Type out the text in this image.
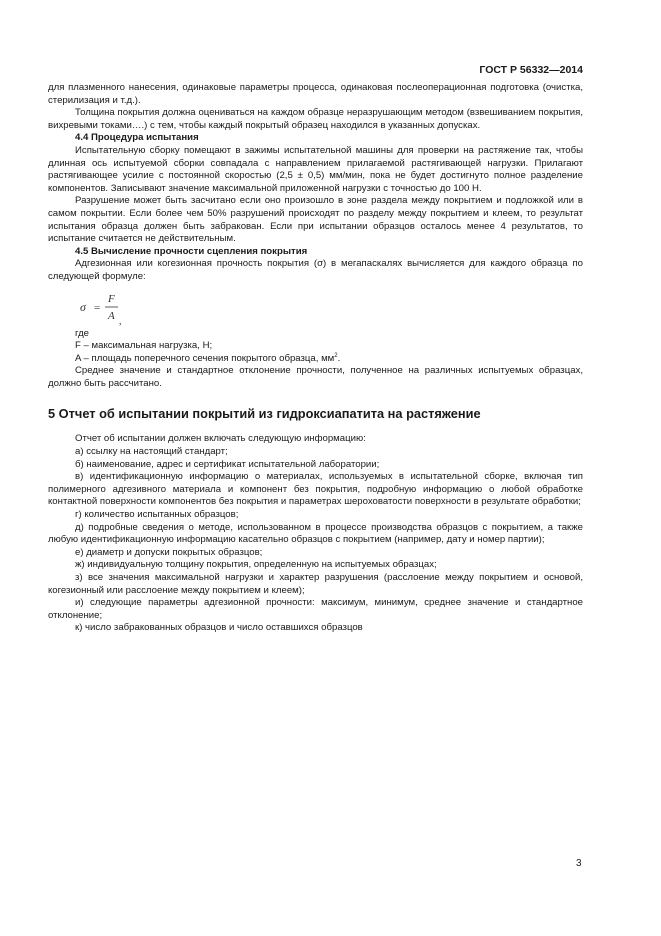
ГОСТ Р 56332—2014

для плазменного нанесения, одинаковые параметры процесса, одинаковая послеоперационная подготовка (очистка, стерилизация и т.д.).

Толщина покрытия должна оцениваться на каждом образце неразрушающим методом (взвешиванием покрытия, вихревыми токами….) с тем, чтобы каждый покрытый образец находился в указанных допусках.

4.4 Процедура испытания

Испытательную сборку помещают в зажимы испытательной машины для проверки на растяжение так, чтобы длинная ось испытуемой сборки совпадала с направлением прилагаемой растягивающей нагрузки. Прилагают растягивающее усилие с постоянной скоростью (2,5 ± 0,5) мм/мин, пока не будет достигнуто полное разделение компонентов. Записывают значение максимальной приложенной нагрузки с точностью до 100 Н.

Разрушение может быть засчитано если оно произошло в зоне раздела между покрытием и подложкой или в самом покрытии. Если более чем 50% разрушений происходят по разделу между покрытием и клеем, то результат испытания образца должен быть забракован. Если при испытании образцов осталось менее 4 результатов, то испытание считается не действительным.

4.5 Вычисление прочности сцепления покрытия

Адгезионная или когезионная прочность покрытия (σ) в мегапаскалях вычисляется для каждого образца по следующей формуле:

σ =
F
A ,

где

F – максимальная нагрузка, Н;

A – площадь поперечного сечения покрытого образца, $мм^2$.

Среднее значение и стандартное отклонение прочности, полученное на различных испытуемых образцах, должно быть рассчитано.

5 Отчет об испытании покрытий из гидроксиапатита на растяжение

Отчет об испытании должен включать следующую информацию:

а) ссылку на настоящий стандарт;

б) наименование, адрес и сертификат испытательной лаборатории;

в) идентификационную информацию о материалах, используемых в испытательной сборке, включая тип полимерного адгезивного материала и компонент без покрытия, подробную информацию о любой обработке контактной поверхности компонентов без покрытия и параметрах шероховатости поверхности в результате обработки;

г) количество испытанных образцов;

д) подробные сведения о методе, использованном в процессе производства образцов с покрытием, а также любую идентификационную информацию касательно образцов с покрытием (например, дату и номер партии);

е) диаметр и допуски покрытых образцов;

ж) индивидуальную толщину покрытия, определенную на испытуемых образцах;

з) все значения максимальной нагрузки и характер разрушения (расслоение между покрытием и основой, когезионный или расслоение между покрытием и клеем);

и) следующие параметры адгезионной прочности: максимум, минимум, среднее значение и стандартное отклонение;

к) число забракованных образцов и число оставшихся образцов

3
